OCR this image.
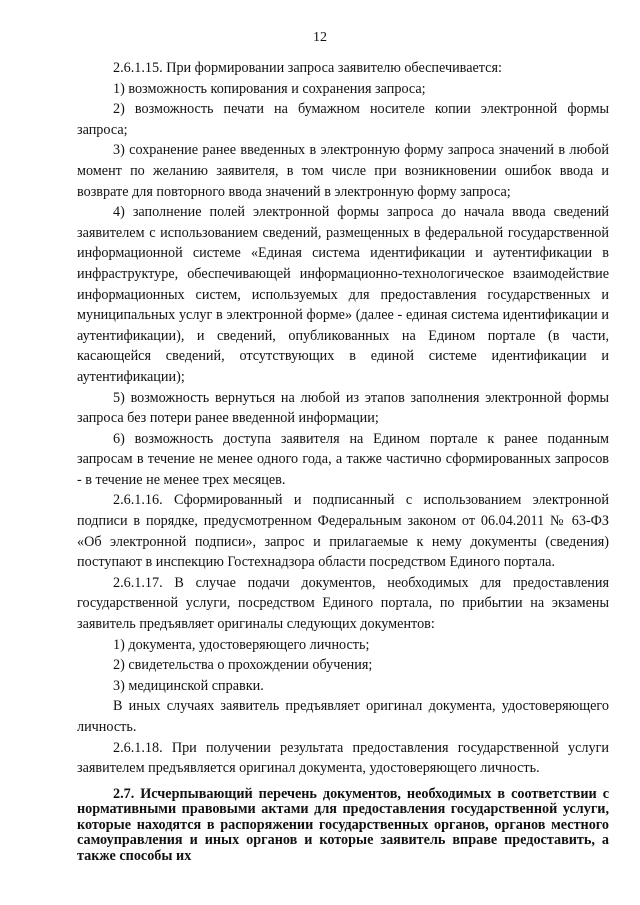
12

2.6.1.15. При формировании запроса заявителю обеспечивается:

1) возможность копирования и сохранения запроса;

2) возможность печати на бумажном носителе копии электронной формы запроса;

3) сохранение ранее введенных в электронную форму запроса значений в любой момент по желанию заявителя, в том числе при возникновении ошибок ввода и возврате для повторного ввода значений в электронную форму запроса;

4) заполнение полей электронной формы запроса до начала ввода сведений заявителем с использованием сведений, размещенных в федеральной государственной информационной системе «Единая система идентификации и аутентификации в инфраструктуре, обеспечивающей информационно-технологическое взаимодействие информационных систем, используемых для предоставления государственных и муниципальных услуг в электронной форме» (далее - единая система идентификации и аутентификации), и сведений, опубликованных на Едином портале (в части, касающейся сведений, отсутствующих в единой системе идентификации и аутентификации);

5) возможность вернуться на любой из этапов заполнения электронной формы запроса без потери ранее введенной информации;

6) возможность доступа заявителя на Едином портале к ранее поданным запросам в течение не менее одного года, а также частично сформированных запросов - в течение не менее трех месяцев.

2.6.1.16. Сформированный и подписанный с использованием электронной подписи в порядке, предусмотренном Федеральным законом от 06.04.2011 № 63-ФЗ «Об электронной подписи», запрос и прилагаемые к нему документы (сведения) поступают в инспекцию Гостехнадзора области посредством Единого портала.

2.6.1.17. В случае подачи документов, необходимых для предоставления государственной услуги, посредством Единого портала, по прибытии на экзамены заявитель предъявляет оригиналы следующих документов:

1) документа, удостоверяющего личность;

2) свидетельства о прохождении обучения;

3) медицинской справки.

В иных случаях заявитель предъявляет оригинал документа, удостоверяющего личность.

2.6.1.18. При получении результата предоставления государственной услуги заявителем предъявляется оригинал документа, удостоверяющего личность.

2.7. Исчерпывающий перечень документов, необходимых в соответствии с нормативными правовыми актами для предоставления государственной услуги, которые находятся в распоряжении государственных органов, органов местного самоуправления и иных органов и которые заявитель вправе предоставить, а также способы их
